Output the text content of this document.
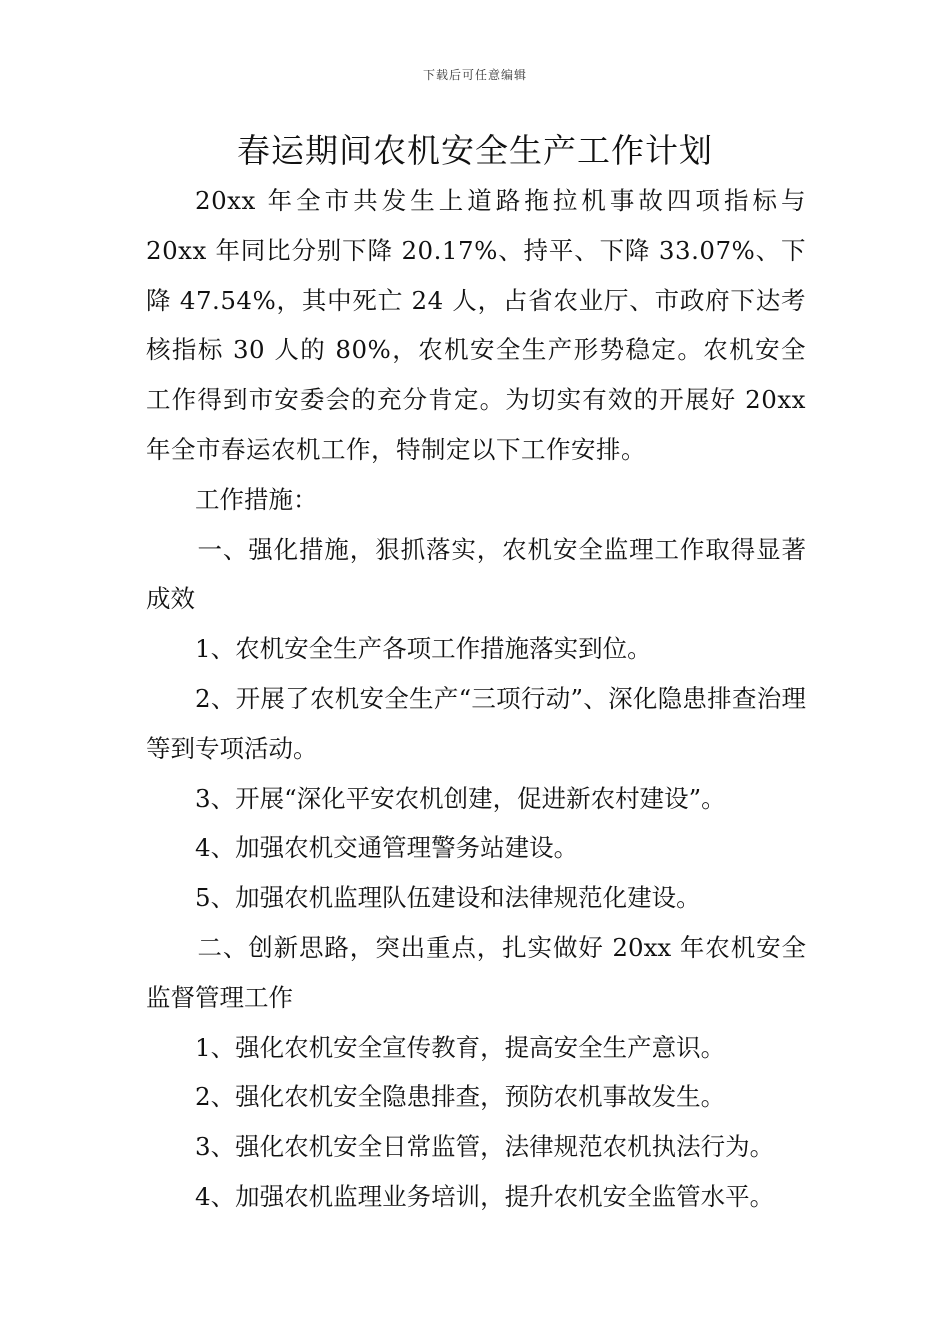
下载后可任意编辑
春运期间农机安全生产工作计划

20xx 年全市共发生上道路拖拉机事故四项指标与 20xx 年同比分别下降 20.17%、持平、下降 33.07%、下降 47.54%，其中死亡 24 人，占省农业厅、市政府下达考核指标 30 人的 80%，农机安全生产形势稳定。农机安全工作得到市安委会的充分肯定。为切实有效的开展好 20xx 年全市春运农机工作，特制定以下工作安排。

工作措施：

一、强化措施，狠抓落实，农机安全监理工作取得显著成效

1、农机安全生产各项工作措施落实到位。

2、开展了农机安全生产“三项行动”、深化隐患排查治理等到专项活动。

3、开展“深化平安农机创建，促进新农村建设”。

4、加强农机交通管理警务站建设。

5、加强农机监理队伍建设和法律规范化建设。

二、创新思路，突出重点，扎实做好 20xx 年农机安全监督管理工作

1、强化农机安全宣传教育，提高安全生产意识。

2、强化农机安全隐患排查，预防农机事故发生。

3、强化农机安全日常监管，法律规范农机执法行为。

4、加强农机监理业务培训，提升农机安全监管水平。
